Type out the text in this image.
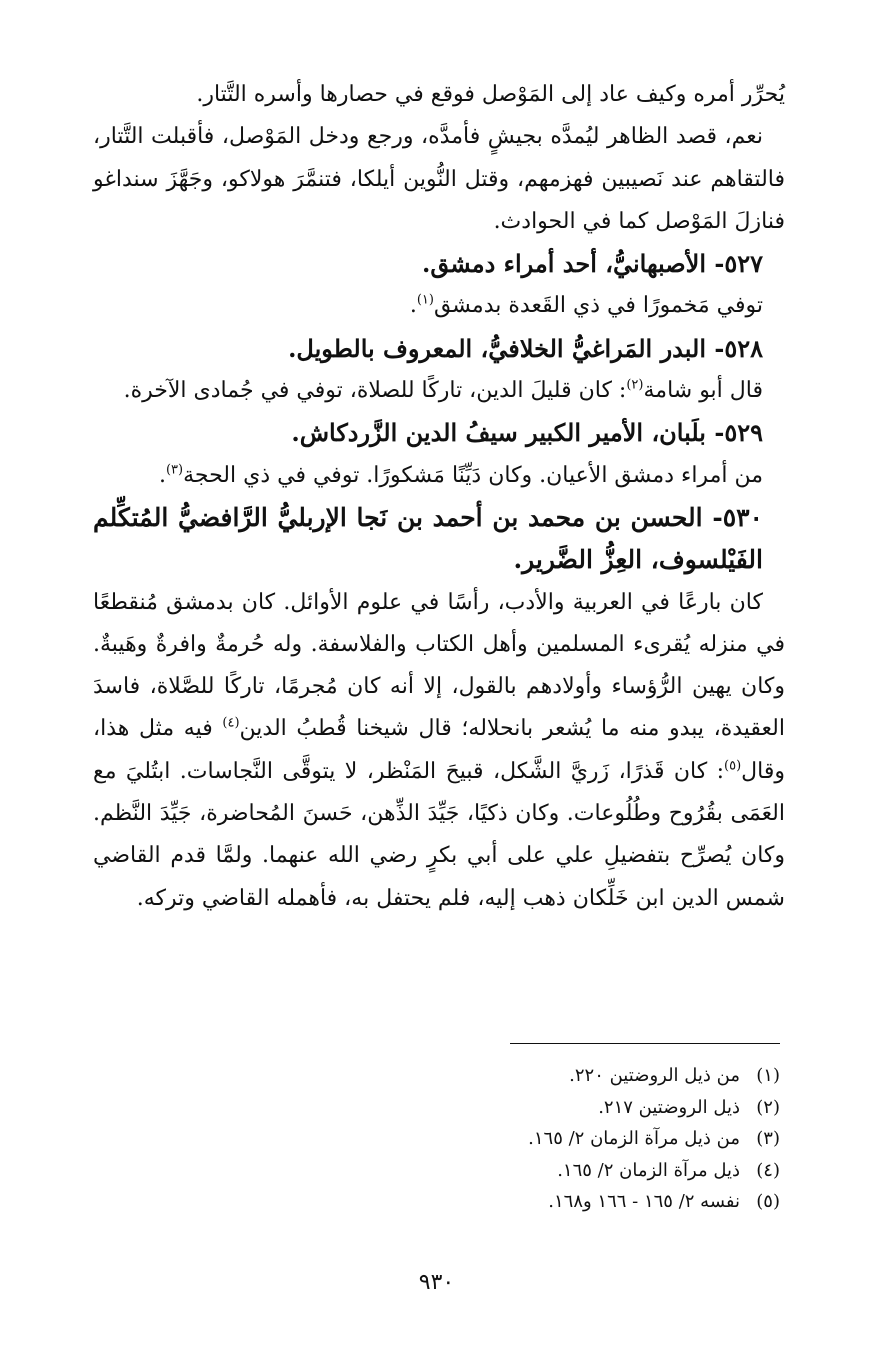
يُحرِّر أمره وكيف عاد إلى المَوْصل فوقع في حصارها وأسره التَّتار.

نعم، قصد الظاهر ليُمدَّه بجيشٍ فأمدَّه، ورجع ودخل المَوْصل، فأقبلت التَّتار، فالتقاهم عند نَصيبين فهزمهم، وقتل النُّوين أيلكا، فتنمَّرَ هولاكو، وجَهَّزَ سنداغو فنازلَ المَوْصل كما في الحوادث.

٥٢٧- الأصبهانيُّ، أحد أمراء دمشق.

توفي مَخمورًا في ذي القَعدة بدمشق$^{(١)}$.

٥٢٨- البدر المَراغيُّ الخلافيُّ، المعروف بالطويل.

قال أبو شامة$^{(٢)}$: كان قليلَ الدين، تاركًا للصلاة، توفي في جُمادى الآخرة.

٥٢٩- بلَبان، الأمير الكبير سيفُ الدين الزَّردكاش.

من أمراء دمشق الأعيان. وكان دَيِّنًا مَشكورًا. توفي في ذي الحجة$^{(٣)}$.

٥٣٠- الحسن بن محمد بن أحمد بن نَجا الإربليُّ الرَّافضيُّ المُتكِّلم الفَيْلسوف، العِزُّ الضَّرير.

كان بارعًا في العربية والأدب، رأسًا في علوم الأوائل. كان بدمشق مُنقطعًا في منزله يُقرىء المسلمين وأهل الكتاب والفلاسفة. وله حُرمةٌ وافرةٌ وهَيبةٌ. وكان يهين الرُّؤساء وأولادهم بالقول، إلا أنه كان مُجرمًا، تاركًا للصَّلاة، فاسدَ العقيدة، يبدو منه ما يُشعر بانحلاله؛ قال شيخنا قُطبُ الدين$^{(٤)}$ فيه مثل هذا، وقال$^{(٥)}$: كان قَذرًا، زَريَّ الشَّكل، قبيحَ المَنْظر، لا يتوقَّى النَّجاسات. ابتُليَ مع العَمَى بقُرُوح وطُلُوعات. وكان ذكيًا، جَيِّدَ الذِّهن، حَسنَ المُحاضرة، جَيِّدَ النَّظم. وكان يُصرِّح بتفضيلِ علي على أبي بكرٍ رضي الله عنهما. ولمَّا قدم القاضي شمس الدين ابن خَلِّكان ذهب إليه، فلم يحتفل به، فأهمله القاضي وتركه.

(١)من ذيل الروضتين ٢٢٠.
(٢)ذيل الروضتين ٢١٧.
(٣)من ذيل مرآة الزمان ٢/ ١٦٥.
(٤)ذيل مرآة الزمان ٢/ ١٦٥.
(٥)نفسه ٢/ ١٦٥ - ١٦٦ و١٦٨.
٩٣٠
